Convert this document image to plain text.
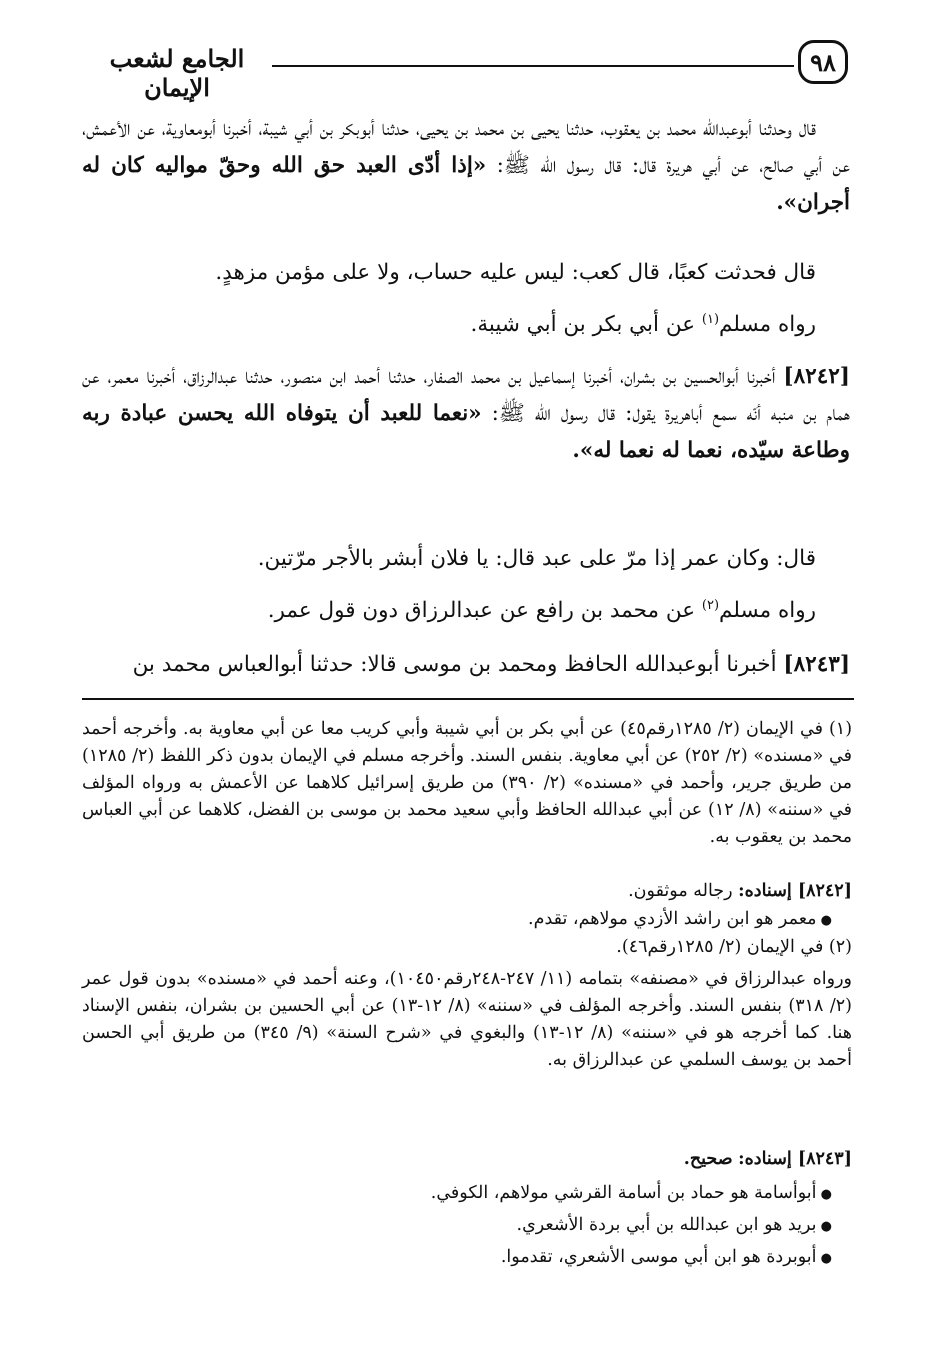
٩٨
الجامع لشعب الإيمان
قال وحدثنا أبوعبدالله محمد بن يعقوب، حدثنا يحيى بن محمد بن يحيى، حدثنا أبوبكر بن أبي شيبة، أخبرنا أبومعاوية، عن الأعمش، عن أبي صالح، عن أبي هريرة قال: قال رسول الله ﷺ: «إذا أدّى العبد حق الله وحقّ مواليه كان له أجران».
قال فحدثت كعبًا، قال كعب: ليس عليه حساب، ولا على مؤمن مزهدٍ.
رواه مسلم$^{(١)}$ عن أبي بكر بن أبي شيبة.
[٨٢٤٢] أخبرنا أبوالحسين بن بشران، أخبرنا إسماعيل بن محمد الصفار، حدثنا أحمد ابن منصور، حدثنا عبدالرزاق، أخبرنا معمر، عن همام بن منبه أنّه سمع أباهريرة يقول: قال رسول الله ﷺ: «نعما للعبد أن يتوفاه الله يحسن عبادة ربه وطاعة سيّده، نعما له نعما له».
قال: وكان عمر إذا مرّ على عبد قال: يا فلان أبشر بالأجر مرّتين.
رواه مسلم$^{(٢)}$ عن محمد بن رافع عن عبدالرزاق دون قول عمر.
[٨٢٤٣] أخبرنا أبوعبدالله الحافظ ومحمد بن موسى قالا: حدثنا أبوالعباس محمد بن
(١) في الإيمان (٢/ ١٢٨٥رقم٤٥) عن أبي بكر بن أبي شيبة وأبي كريب معا عن أبي معاوية به. وأخرجه أحمد في «مسنده» (٢/ ٢٥٢) عن أبي معاوية. بنفس السند. وأخرجه مسلم في الإيمان بدون ذكر اللفظ (٢/ ١٢٨٥) من طريق جرير، وأحمد في «مسنده» (٢/ ٣٩٠) من طريق إسرائيل كلاهما عن الأعمش به ورواه المؤلف في «سننه» (٨/ ١٢) عن أبي عبدالله الحافظ وأبي سعيد محمد بن موسى بن الفضل، كلاهما عن أبي العباس محمد بن يعقوب به.
[٨٢٤٢] إسناده: رجاله موثقون.
● معمر هو ابن راشد الأزدي مولاهم، تقدم.
(٢) في الإيمان (٢/ ١٢٨٥رقم٤٦).
ورواه عبدالرزاق في «مصنفه» بتمامه (١١/ ٢٤٧-٢٤٨رقم١٠٤٥٠)، وعنه أحمد في «مسنده» بدون قول عمر (٢/ ٣١٨) بنفس السند. وأخرجه المؤلف في «سننه» (٨/ ١٢-١٣) عن أبي الحسين بن بشران، بنفس الإسناد هنا. كما أخرجه هو في «سننه» (٨/ ١٢-١٣) والبغوي في «شرح السنة» (٩/ ٣٤٥) من طريق أبي الحسن أحمد بن يوسف السلمي عن عبدالرزاق به.
[٨٢٤٣] إسناده: صحيح.
● أبوأسامة هو حماد بن أسامة القرشي مولاهم، الكوفي.
● بريد هو ابن عبدالله بن أبي بردة الأشعري.
● أبوبردة هو ابن أبي موسى الأشعري، تقدموا.
